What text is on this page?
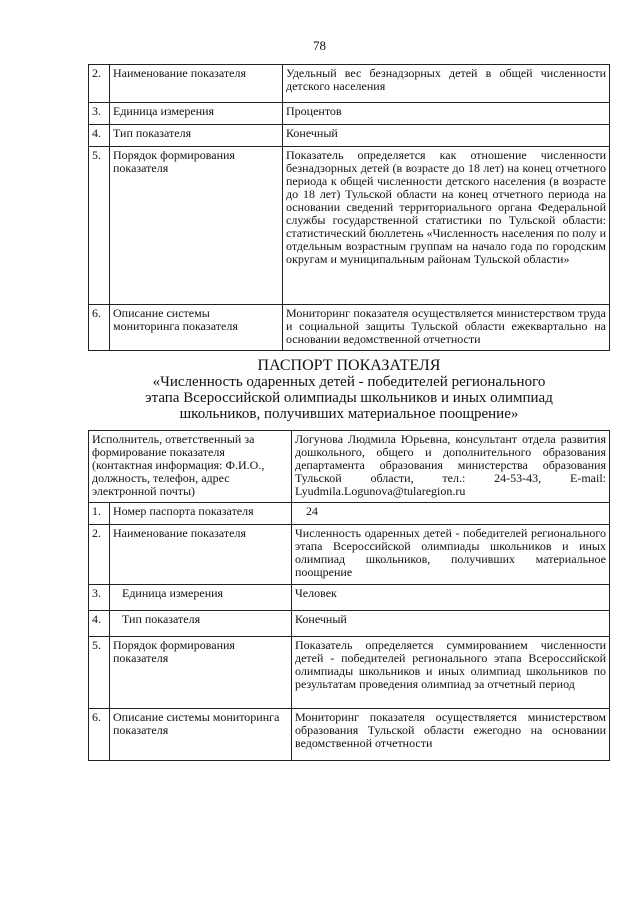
78
2.	Наименование показателя	Удельный вес безнадзорных детей в общей численности детского населения
3.	Единица измерения	Процентов
4.	Тип показателя	Конечный
5.	Порядок формирования показателя	Показатель определяется как отношение численности безнадзорных детей (в возрасте до 18 лет) на конец отчетного периода к общей численности детского населения (в возрасте до 18 лет) Тульской области на конец отчетного периода на основании сведений территориального органа Федеральной службы государственной статистики по Тульской области: статистический бюллетень «Численность населения по полу и отдельным возрастным группам на начало года по городским округам и муниципальным районам Тульской области»
6.	Описание системы мониторинга показателя	Мониторинг показателя осуществляется министерством труда и социальной защиты Тульской области ежеквартально на основании ведомственной отчетности
ПАСПОРТ ПОКАЗАТЕЛЯ
«Численность одаренных детей - победителей регионального
этапа Всероссийской олимпиады школьников и иных олимпиад
школьников, получивших материальное поощрение»
Исполнитель, ответственный за формирование показателя (контактная информация: Ф.И.О., должность, телефон, адрес электронной почты)		Логунова Людмила Юрьевна, консультант отдела развития дошкольного, общего и дополнительного образования департамента образования министерства образования Тульской области, тел.: 24-53-43, E-mail: Lyudmila.Logunova@tularegion.ru
1.	Номер паспорта показателя	24
2.	Наименование показателя	Численность одаренных детей - победителей регионального этапа Всероссийской олимпиады школьников и иных олимпиад школьников, получивших материальное поощрение
3.	Единица измерения	Человек
4.	Тип показателя	Конечный
5.	Порядок формирования показателя	Показатель определяется суммированием численности детей - победителей регионального этапа Всероссийской олимпиады школьников и иных олимпиад школьников по результатам проведения олимпиад за отчетный период
6.	Описание системы мониторинга показателя	Мониторинг показателя осуществляется министерством образования Тульской области ежегодно на основании ведомственной отчетности
